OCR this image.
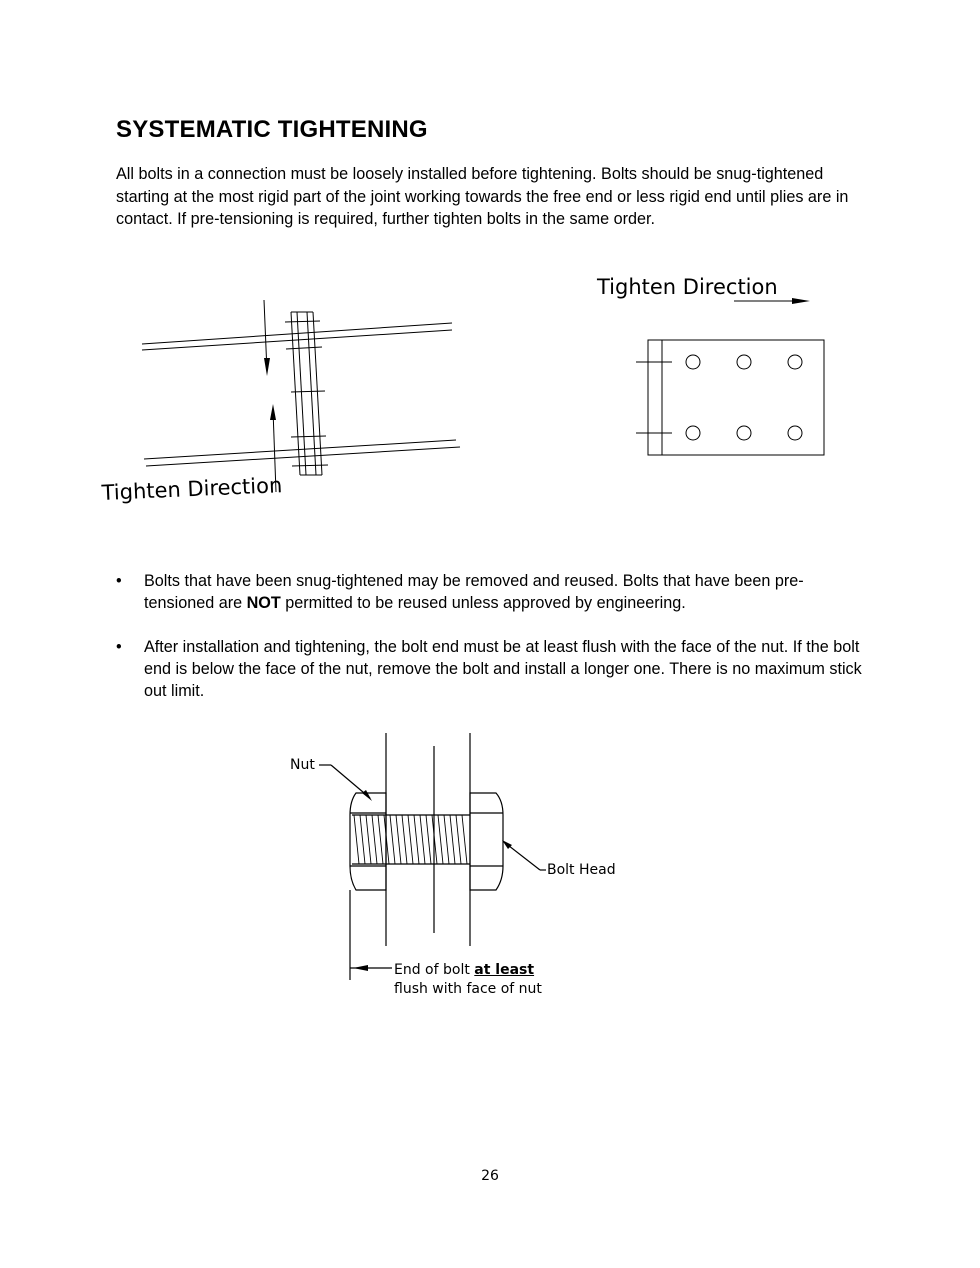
SYSTEMATIC TIGHTENING
All bolts in a connection must be loosely installed before tightening. Bolts should be snug-tightened starting at the most rigid part of the joint working towards the free end or less rigid end until plies are in contact. If pre-tensioning is required, further tighten bolts in the same order.
Tighten Direction
Tighten Direction
•	Bolts that have been snug-tightened may be removed and reused. Bolts that have been pre-tensioned are NOT permitted to be reused unless approved by engineering.
•	After installation and tightening, the bolt end must be at least flush with the face of the nut. If the bolt end is below the face of the nut, remove the bolt and install a longer one. There is no maximum stick out limit.
Nut
Bolt Head
End of bolt at least
flush with face of nut
26
